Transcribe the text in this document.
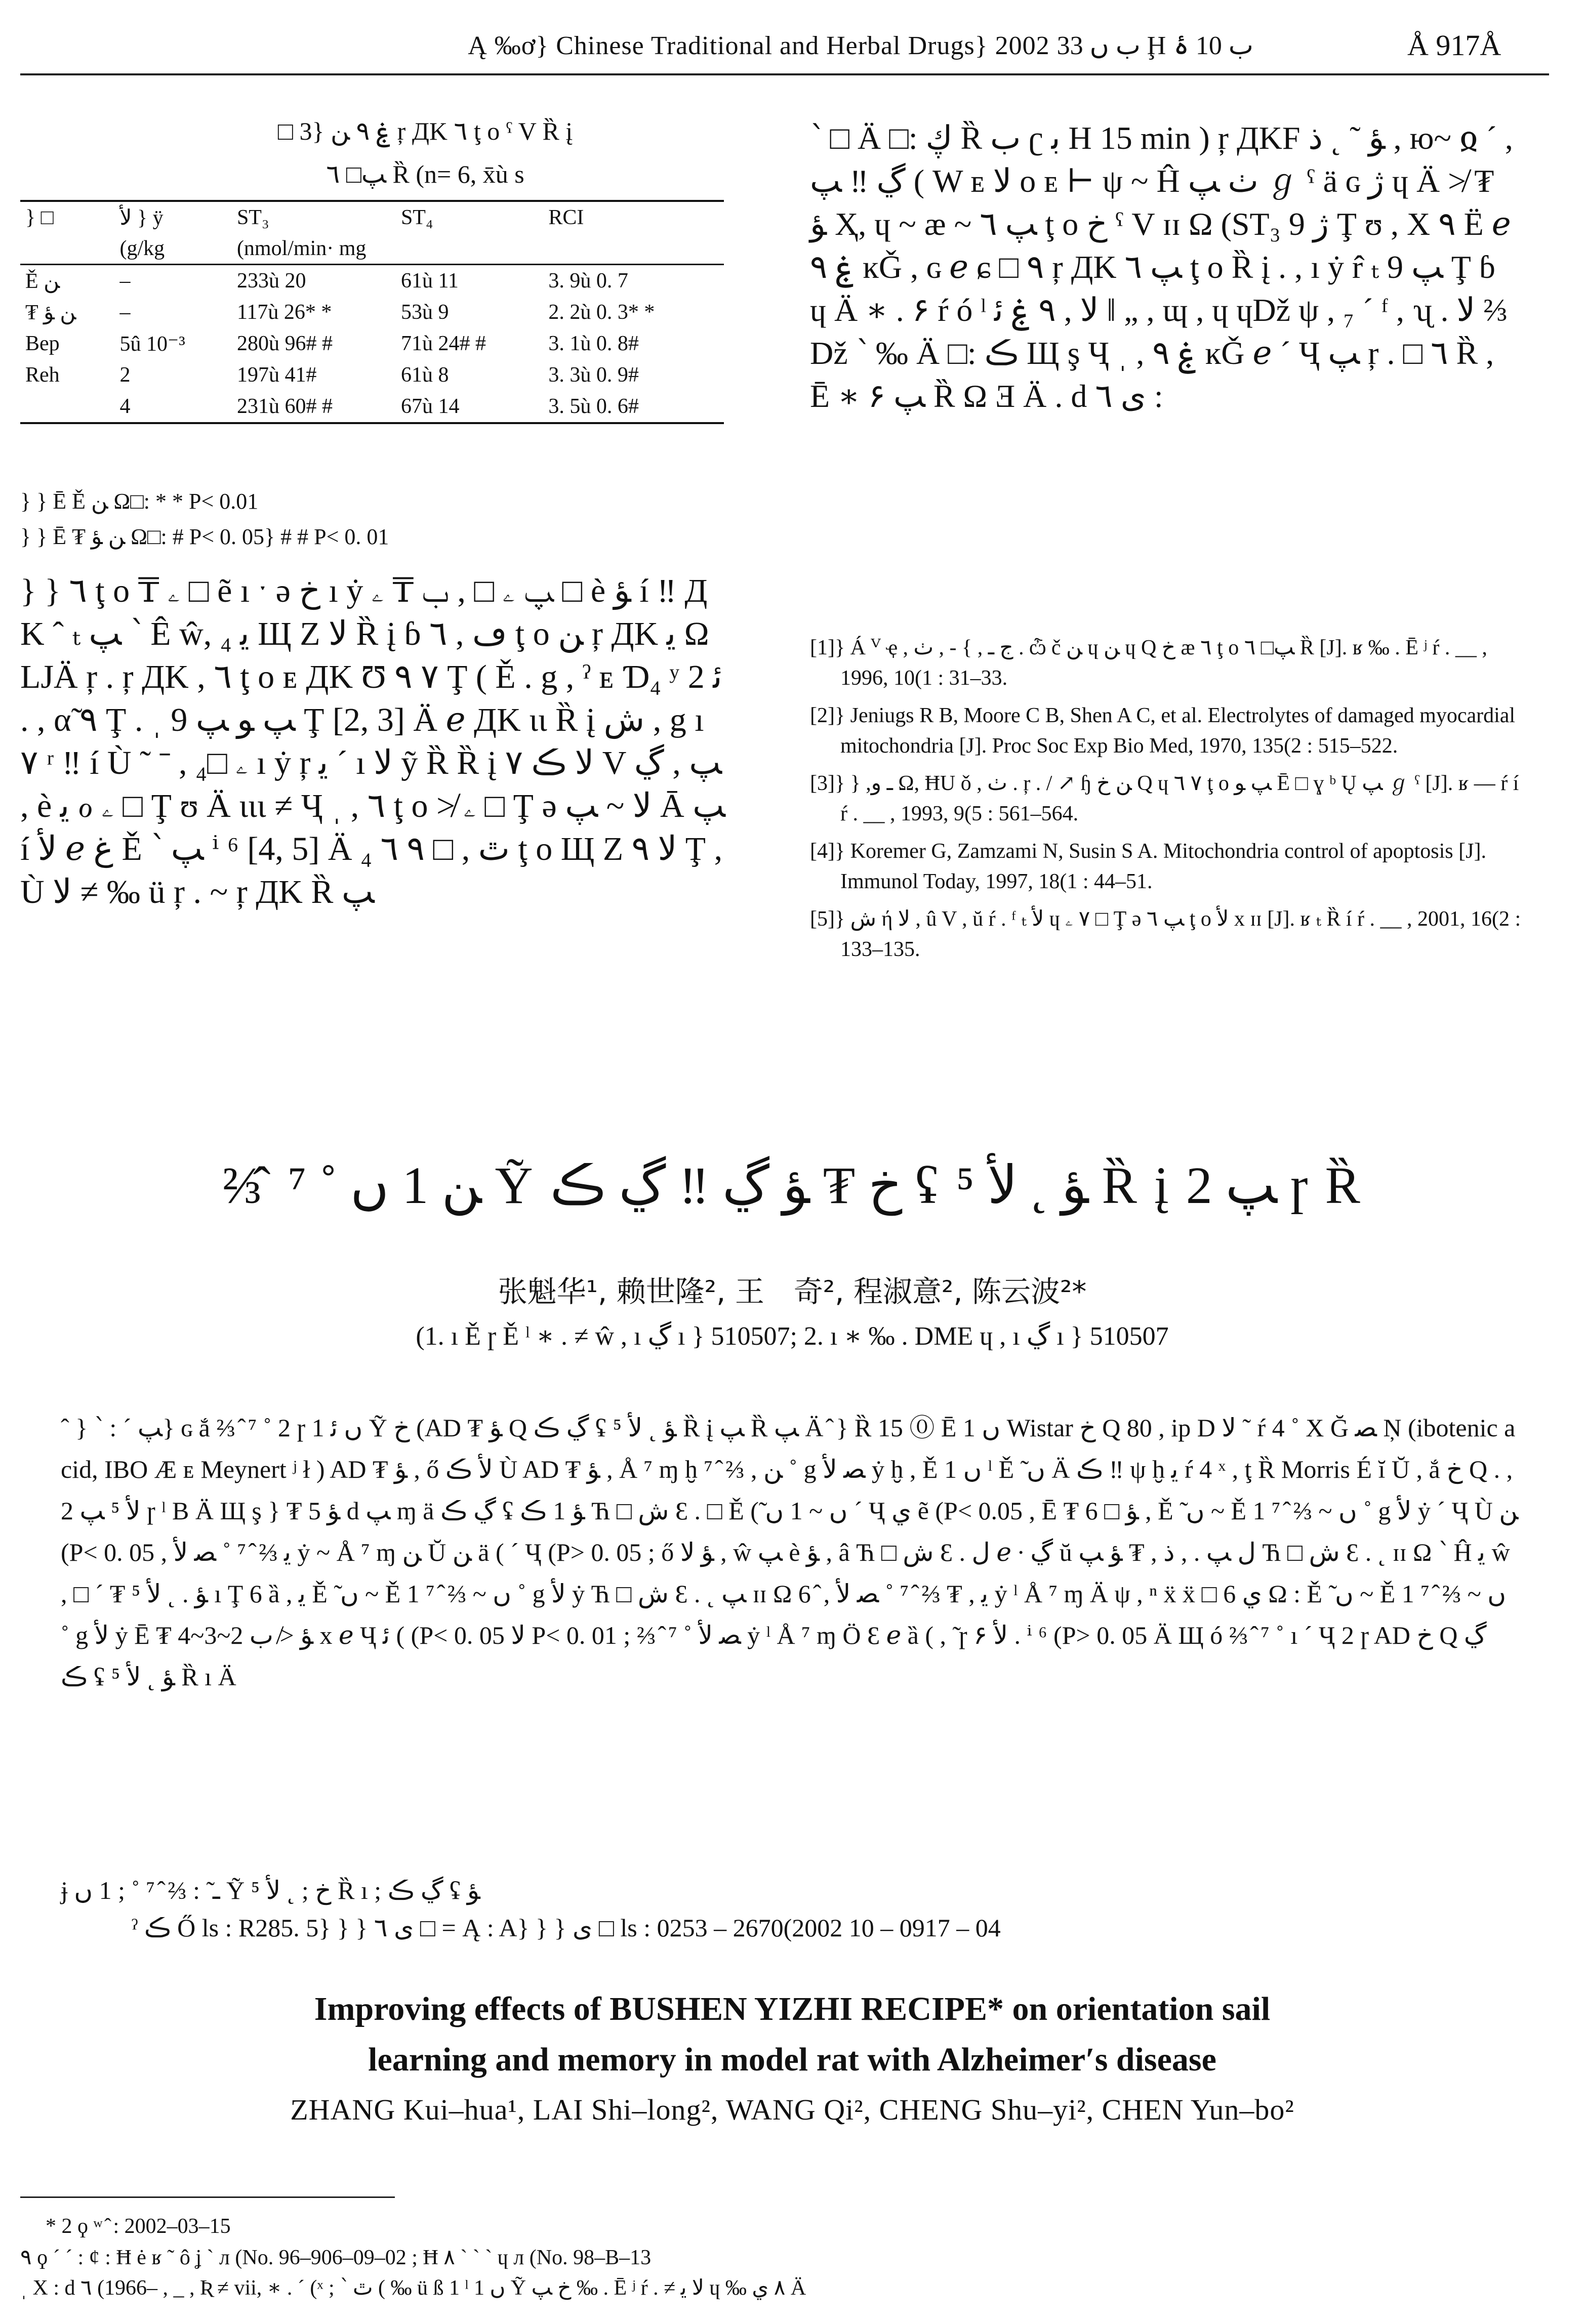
Ą ‰ơ} Chinese Traditional and Herbal Drugs} 2002 ب ں 33 Ḩ ب 10 ۂ	Å 917Å
□ 3} ۼ ٩ ﻦ ŗ ДK ٦ ţ o ˁ V Ȑ į
ﭗ□ ٦ Ȑ (n= 6, x̄ù s
} □	ﻷ } ÿ	ST₃	ST₄	RCI
	(g/kg	(nmol/min· mg		
Ě ﻦ	–	233ù 20	61ù 11	3. 9ù 0. 7
₮ ﻦ ﺆ	–	117ù 26* *	53ù 9	2. 2ù 0. 3* *
Bep	5û 10⁻³	280ù 96# #	71ù 24# #	3. 1ù 0. 8#
Reh	2	197ù 41#	61ù 8	3. 3ù 0. 9#
	4	231ù 60# #	67ù 14	3. 5ù 0. 6#
} } Ē Ě ﻦ Ω□: * * P< 0.01
} } Ē ₮ ﻦ ﺆ Ω□: # P< 0. 05} # # P< 0. 01
} } ٦ ţ o ₸ ۦ □ ẽ ı ˑ ə ﺥ ı ẏ ﭗ ۦ □ , ب ₸ ۦ □ è ﺆ í ‼ ДK ˆ ₜ ﭗ ՝ Ê ŵ, ₄ ﻳ Щ Z ﻻ Ȑ į ɓ ڡ , ٦ ţ o ﻦ ŗ ДK ﻳ Ω LJÄ ŗ . ŗ ДK , ٦ ţ o ᴇ ДK Ʊ ٧ ٩ Ţ ( Ě . g , ˀ ᴇ Ɗ₄ ʸ ﺋ 2 . , α̃ ٩ Ţ . ˌ ﭗ ﻮ ﭗ 9 Ţ [2, 3] Ä ℯ ДK ɩɩ Ȑ į ﺵ , g ı ٧ ʳ ‼ í Ù ˜ ˉ , ۦ □₄ ı ẏ ŗ ﻳ ˊ ı ﻻ ỹ Ȑ Ȑ į ﻻ ڪ ٧ V ﭗ , ڲ , è ﻳ ℴ ۦ □ Ţ ʊ Ä ɩɩɩ ≠ Ҷ ˌ , ٦ ţ o ≯ ۦ □ Ţ ə ﻻ ~ ﭗ Ā ﭗ í ﻷ ℯ ﻍ Ě ՝ ﭗ ⁱ ⁶ [4, 5] Ä ₄ ٿ , □ ٩ ٦ ţ o Щ Z ﻻ ٩ Ţ , Ù ﻻ ≠ ‰ ü ŗ . ~ ŗ ДK Ȑ ﭗ
՝ □ Ä □: ڮ Ȑ ب ʗ ﺑ H 15 min ) ŗ ДKF ﺆ ˜ ˛ ﺫ , ю~ ჲ ˊ , ڲ ‼ ﭗ ( W ᴇ ﻻ o ᴇ ⊢ ψ ~ Ĥ ﭞ ﭗ ℊ ˁ ä ɢ ژ ɥ Ä ≯ ₮ ﺆ Ҳ, ɥ ~ æ ~ ﭗ ٦ ţ o ﺥ ˁ V ɪɪ Ω (ST₃ 9 ژ Ţ ʊ , X ۹ Ë ℯ ۼ ٩ ĸǦ , ɢ ℯ ɕ □ ٩ ŗ ДK ﭗ ٦ ţ o Ȑ į . , ı ẏ r̂ ₜ ﭗ 9 Ţ ɓ ɥ Ä ∗ . ۶ ŕ ó ˡ ﻻ , ٩ ۼ ﺋ ‖ „ , ɰ , ɥ ɥDž ψ , ₇ ˊ ᶠ , ʯ . ﻻ ⅔ Dž ՝ ‰ Ä □: ڪ Щ ş Ҷ ˌ , ۼ ٩ ĸǦ ℯ ˊ Ҷ ﭗ ŗ . □ ٦ Ȑ , Ē ∗ ﭗ ۶ Ȑ Ω Ǝ Ä . d ﻯ ٦ :
[1]} Á ⱽ ҿ , ﺝ ـ , } - , ﭞ . ѽ č ﻦ ɥ ﻦ ɥ Q ﺥ æ ٦ ţ o ﭗ□ ٦ Ȑ [J]. ʁ ‰ . Ē ʲ ŕ . __ , 1996, 10(1 : 31–33.
[2]} Jeniugs R B, Moore C B, Shen A C, et al. Electrolytes of damaged myocardial mitochondria [J]. Proc Soc Exp Bio Med, 1970, 135(2 : 515–522.
[3]} } ,ـ ﻭ Ω, ĦU ǒ , ﭞ . ŗ . / ↗ ɧ ﻦ ﺥ Q ɥ ٧ ٦ ţ o ﭗ ﻮ Ē □ ɣ ᵇ Ų ﭗ ℊ ˁ [J]. ʁ — ŕ í ŕ . __ , 1993, 9(5 : 561–564.
[4]} Koremer G, Zamzami N, Susin S A. Mitochondria control of apoptosis [J]. Immunol Today, 1997, 18(1 : 44–51.
[5]} ﺵ ή ﻻ , û V , ŭ ŕ . ᶠ ₜ ﻷ ɥ ٧ ۦ □ Ţ ə ﭗ ٦ ţ o ﻷ x ɪɪ [J]. ʁ ₜ Ȑ í ŕ . __ , 2001, 16(2 : 133–135.
⅔ ̂ ⁷ ˚ ﻦ 1 ں Ỹ ﺥ ₮ ﺆ ڲ ‼ ڲ ڪ ʢ ﺆ ˛ ﻷ ⁵ Ȑ į ﭗ 2 ɼ Ȑ
张魁华¹, 赖世隆², 王　奇², 程淑意², 陈云波²*
(1. ı Ě ɼ Ě ˡ ∗ . ≠ ŵ , ı ڲ ı } 510507; 2. ı ∗ ‰ . DME ɥ , ı ڲ ı } 510507
ˆ } ՝ : ˊ ﭗ} ɢ ắ ⅔ ̂ ⁷ ˚ 2 ɼ 1 ں ﺋ Ỹ ﺥ (AD ₮ ﺆ Q ڲ ڪ ʢ ﺆ ˛ ﻷ ⁵ Ȑ į ﭗ Ȑ ﭗ Ä ̂ } Ȑ 15 ⓪ Ē 1 ں Wistar ﺥ Q 80 , ip D ﻻ ˜ ŕ 4 ˚ Χ Ğ ﺼ Ņ (ibotenic acid, IBO Æ ᴇ Meynert ʲ ł ) AD ₮ ﺆ , ő ﻷ ڪ Ù AD ₮ ﺆ , Å ⁷ ɱ ḫ ﻦ , ⅔ ̂ ⁷ ˚ g ﺼ ﻷ ẏ ḫ , Ě 1 ں ˡ Ě ̃ ں Ä ڪ ‼ ψ ḫ ﻳ ŕ 4 ˣ , ţ Ȑ Morris É ĭ Ŭ , ắ ﺥ Q . , ﻷ ⁵ ﭗ 2 ɼ ˡ Β Ä Щ ş } ₮ ﺆ 5 d ﭗ ɱ ä ڲ ڪ ʢ ﺆ 1 ڪ Ћ □ ﺵ Ɛ . □ Ě (̃ ں ~ 1 ں ˊ Ҷ ﻱ ẽ (P< 0.05 , Ē ₮ ﺆ □ 6 , Ě ̃ ں ~ Ě 1 ں ~ ⅔ ̂ ⁷ ˚ g ﻷ ẏ ˊ Ҷ Ù ﻦ (P< 0. 05 , ﻳ ⅔ ̂ ⁷ ˚ ﺼ ﻷ ẏ ~ Å ⁷ ɱ ﻦ Ŭ ﻦ ä ( ˊ Ҷ (P> 0. 05 ; ő ﺆ ﻻ , ŵ ﭗ è ﺆ , â Ћ □ ﺵ Ɛ . ﻝ ℯ ∙ ڲ ŭ ﻝ ﭗ . , ﺫ , ₮ ﺆ ﭗ Ћ □ ﺵ Ɛ . ˛ ɪɪ Ω ՝ Ĥ ﻳ ŵ , □ ˊ ₮ ﺆ . ˛ ﻷ ⁵ ı Ţ 6 ȁ , ﻳ Ě ̃ ں ~ Ě 1 ں ~ ⅔ ̂ ⁷ ˚ g ﻷ ẏ Ћ □ ﺵ Ɛ . ˛ ﭗ ɪɪ Ω 6 ̂ , ﻳ , ₮ ⅔ ̂ ⁷ ˚ ﺼ ﻷ ẏ ˡ Å ⁷ ɱ Ä ψ , ⁿ ẍ ẍ □ 6 ﻱ Ω : Ě ̃ ں ~ Ě 1 ں ~ ⅔ ̂ ⁷ ˚ g ﻷ ẏ Ē ₮ ﺆ ≯ ب 2~3~4 x ℯ Ҷ ﺋ ( (P< 0. 05 ﻻ P< 0. 01 ; ⅔ ̂ ⁷ ˚ ﺼ ﻷ ẏ ˡ Å ⁷ ɱ Ö Ɛ ℯ ȁ ( , ̃ ɼ ۶ ﻷ . ⁱ ⁶ (P> 0. 05 Ä Щ ó ⅔ ̂ ⁷ ˚ ı ˊ Ҷ 2 ɼ AD ﺥ Q ڲ ڪ ʢ ﺆ ˛ ﻷ ⁵ Ȑ ı Ä
ɉ ـ ̃ : ⅔ ̂ ⁷ ˚ ; 1 ں Ỹ ﺥ ; ˛ ﻷ ⁵ Ȑ ı ; ڲ ڪ ʢ ﺆ
ˀ ڪ Ő ls : R285. 5} } } ﻯ ٦ □ = Ą : A} } } ﻯ □ ls : 0253 – 2670(2002 10 – 0917 – 04
Improving effects of BUSHEN YIZHI RECIPE* on orientation sail
learning and memory in model rat with Alzheimer′s disease
ZHANG Kui–hua¹, LAI Shi–long², WANG Qi², CHENG Shu–yi², CHEN Yun–bo²
* 2 ϙ ʷ ̂ : 2002–03–15
٩ ϙ ˊ ˊ : ȼ : Ħ ė ʁ ˜ ô ʝ ˋ л (No. 96–906–09–02 ; Ħ ٨ ˋ ˋ ˋ ɥ л (No. 98–B–13
ˌ Χ : d ٦ (1966– , _ , Ʀ ≠ vii, ∗ . ˊ (ˣ ; ՝ ٿ ( ‰ ü ß 1 ˡ 1 ں Ỹ ﺥ ﭗ ‰ . Ē ʲ ŕ . ≠ ﻻ ﻳ ɥ ‰ ٨ ي Ä
